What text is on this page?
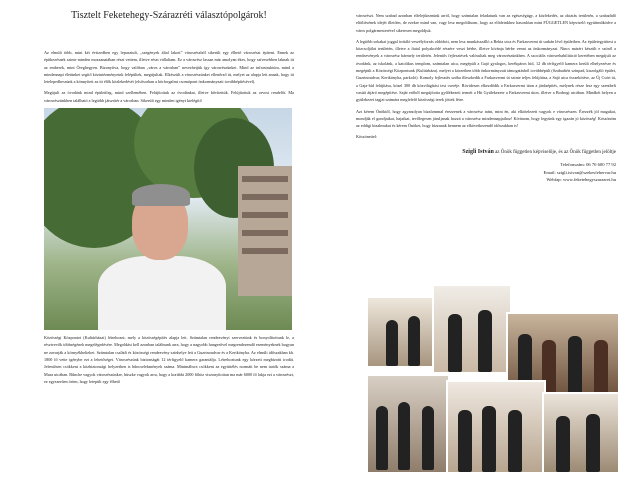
Tisztelt Feketehegy-Szárazréti választópolgárok!

Az elmúlt több, mint két évtizedben egy lepusztult, „szegények által lakott” városrészből sikerült egy élhető városrészt építeni. Ennek az építkezésnek szinte minden mozzanatában részt vettem, illetve részt vállaltam. Ez a városrész lassan már amolyan ékes, hogy szívesebben laknak itt az emberek, mint Öreghegyen. Bizonyítva, hogy valóban „város a városban” nevezhetjük így városrészünket. Mind az infrastruktúra, mind a mindennapi életünket segítő közintézményeink felépültek, megújultak. Elkészült a városrészünket ellenőrző út, melyet az alapja lett annak, hogy itt letelepedhessünk a könnyített az itt élők közlekedését (elsősorban a körforgalmi csomópont önkormányzati továbbépítésével).

Megújult az óvodánk mind épületileg, mind szellemében. Felújítottuk az óvodánkat, illetve bővítettük. Felújítottuk az orvosi rendelőt. Ma városrészünkben található a legtöbb játszótér a városban. Sikerült egy minden igényt kielégítő

Közösségi Központot (Kultúrházat) létrehozni, mely a közösségépítés alapja lett. Számtalan rendezvényt szerveztünk és bonyolítottunk le, a résztvevők többségének megelégedésére. Megoldást kell azonban találnunk arra, hogy a nagyobb hangerővel megrendezendő eseményeknek bogyan ne zavarják a környékbelieket. Számtalan családi és közösségi rendezvény színhelye lett a Guzrtnoudvar és a Kertkönyha. Az elmúlt időszakban kb. 1800 fő vette igénybe ezt a lehetőséget. Városrészünk biztonságát 12 térfigyelő kamera garantálja. Létrehoztunk egy körzeti megbízotti irodát. Jelentősen csökkent a közbiztonsági helyzetben is bűncselekmények száma. Minimálisra csökkent az együttélés normáit be nem tartók száma a Mura utcában. Bűnche vagyok városrészünkre, büszke vagyok arra, hogy a korábbi 2000 főhöz viszonyítottan ma már 6000 fő lakja ezt a városrészt, ez egyszerűen öröm, hogy letepült egy élhető

városrészt. Nem szabad azonban elfelejtkeznünk arról, hogy számtalan feladatunk van az egészségügy, a közlekedés, az oktatás területén, a szabadidő eltöltésének idejét illetően, de ezekre mind van, vagy lesz megoldásom, hogy az elődeinkhez hasonlóan mint FÜGGETLEN képviselő együttműködve a város polgármesterével sikeresen megoldjuk.

A legtöbb sokakat joggal irritáló veszélyforrás oldódott, nem lesz munkásszálló a Bebia utca és Farkasvermi út sarkán lévő épületben. Az épületegyüttest a közcsoljálat területén, illetve a fiatal polyakcédé részére veszi bérbe, illetve kívánja bérbe venni az önkormányzat. Nincs másért készült e szóról a rendezvények a városrész bármely területén. Jelentős fejlesztések valósultak meg városrészünkben. A szociális városrehabilitáció keretében megújult az óvodánk, az iskolánk, a katolikus templom, számtalan utca, megépült a Gajó gyalogos, kerékpáros híd, 12 db térfigyelő kamera került elhelyezésre és megépült a Közösségi Központunk (Kultúrháza). melyet a körzetben több önkormányzati támogatásból továbbépült (Szabadtéri színpad, kiszolgáló épület, Guzrtnoudvar, Kertkönyha, parkoló). Komoly fejlesztés szóba illeszkedik a Farkasvermi út szinte teljes felújítása, a Sajó utca összekötése, az Új Csóri út, a Gaja-híd felújítása, közel 300 db közvilágítási test cseréje. Rövidesen elkezdődik a Farkasvermi úton a járdaépítés, melynek része lesz egy szentbeli vasúti átjáró megépítése. Saját erőből megújította gyűlékezeti termét a Hit Gyülekezete a Farkasvermi úton, illetve a Bodrogi utcában. Mindkét helyen a gyülekezet tagjai számára megfelelő közösségi terek jöttek létre.

Azt kérem Önöktől, hogy agyanolyan bizalommal érezzenek a városrész iránt, mint én, aki elkötelezett vagyok e városrészen. Érezzék jól magukat, mondják el gondjaikat, bajaikat, tevőlegesen járuljanak hozzá a városrész mindennapjaihoz! Kívánom, hogy legyünk egy igazán jó közösség! Köszönöm az eddigi bizalmukat és kérem Önöket, hogy bízzanak bennem az elkövetkezendő időszakban is!

Köszönettel:

Szigli István az Önök független képviselője, és az Önök független jelöltje

Telefonszám: 06 70 600 77 92

Email: szigli.istvan@szekesfehervar.hu

Webfap: www.feketehegyszarazret.hu
